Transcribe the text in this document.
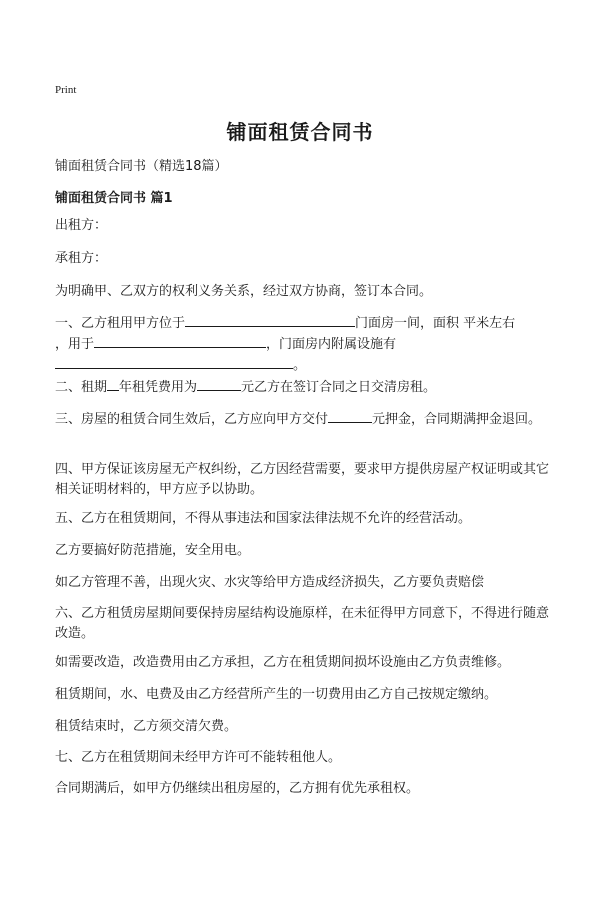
Print
铺面租赁合同书
铺面租赁合同书（精选18篇）
铺面租赁合同书 篇1
出租方：
承租方：
为明确甲、乙双方的权利义务关系，经过双方协商，签订本合同。
一、乙方租用甲方位于	门面房一间，面积 平米左右
，用于	，门面房内附属设施有
。
二、租期 年租凭费用为	元乙方在签订合同之日交清房租。
三、房屋的租赁合同生效后，乙方应向甲方交付	元押金，合同期满押金退回。
四、甲方保证该房屋无产权纠纷，乙方因经营需要，要求甲方提供房屋产权证明或其它相关证明材料的，甲方应予以协助。
五、乙方在租赁期间，不得从事违法和国家法律法规不允许的经营活动。
乙方要搞好防范措施，安全用电。
如乙方管理不善，出现火灾、水灾等给甲方造成经济损失，乙方要负责赔偿
六、乙方租赁房屋期间要保持房屋结构设施原样，在未征得甲方同意下，不得进行随意改造。
如需要改造，改造费用由乙方承担，乙方在租赁期间损坏设施由乙方负责维修。
租赁期间，水、电费及由乙方经营所产生的一切费用由乙方自己按规定缴纳。
租赁结束时，乙方须交清欠费。
七、乙方在租赁期间未经甲方许可不能转租他人。
合同期满后，如甲方仍继续出租房屋的，乙方拥有优先承租权。
